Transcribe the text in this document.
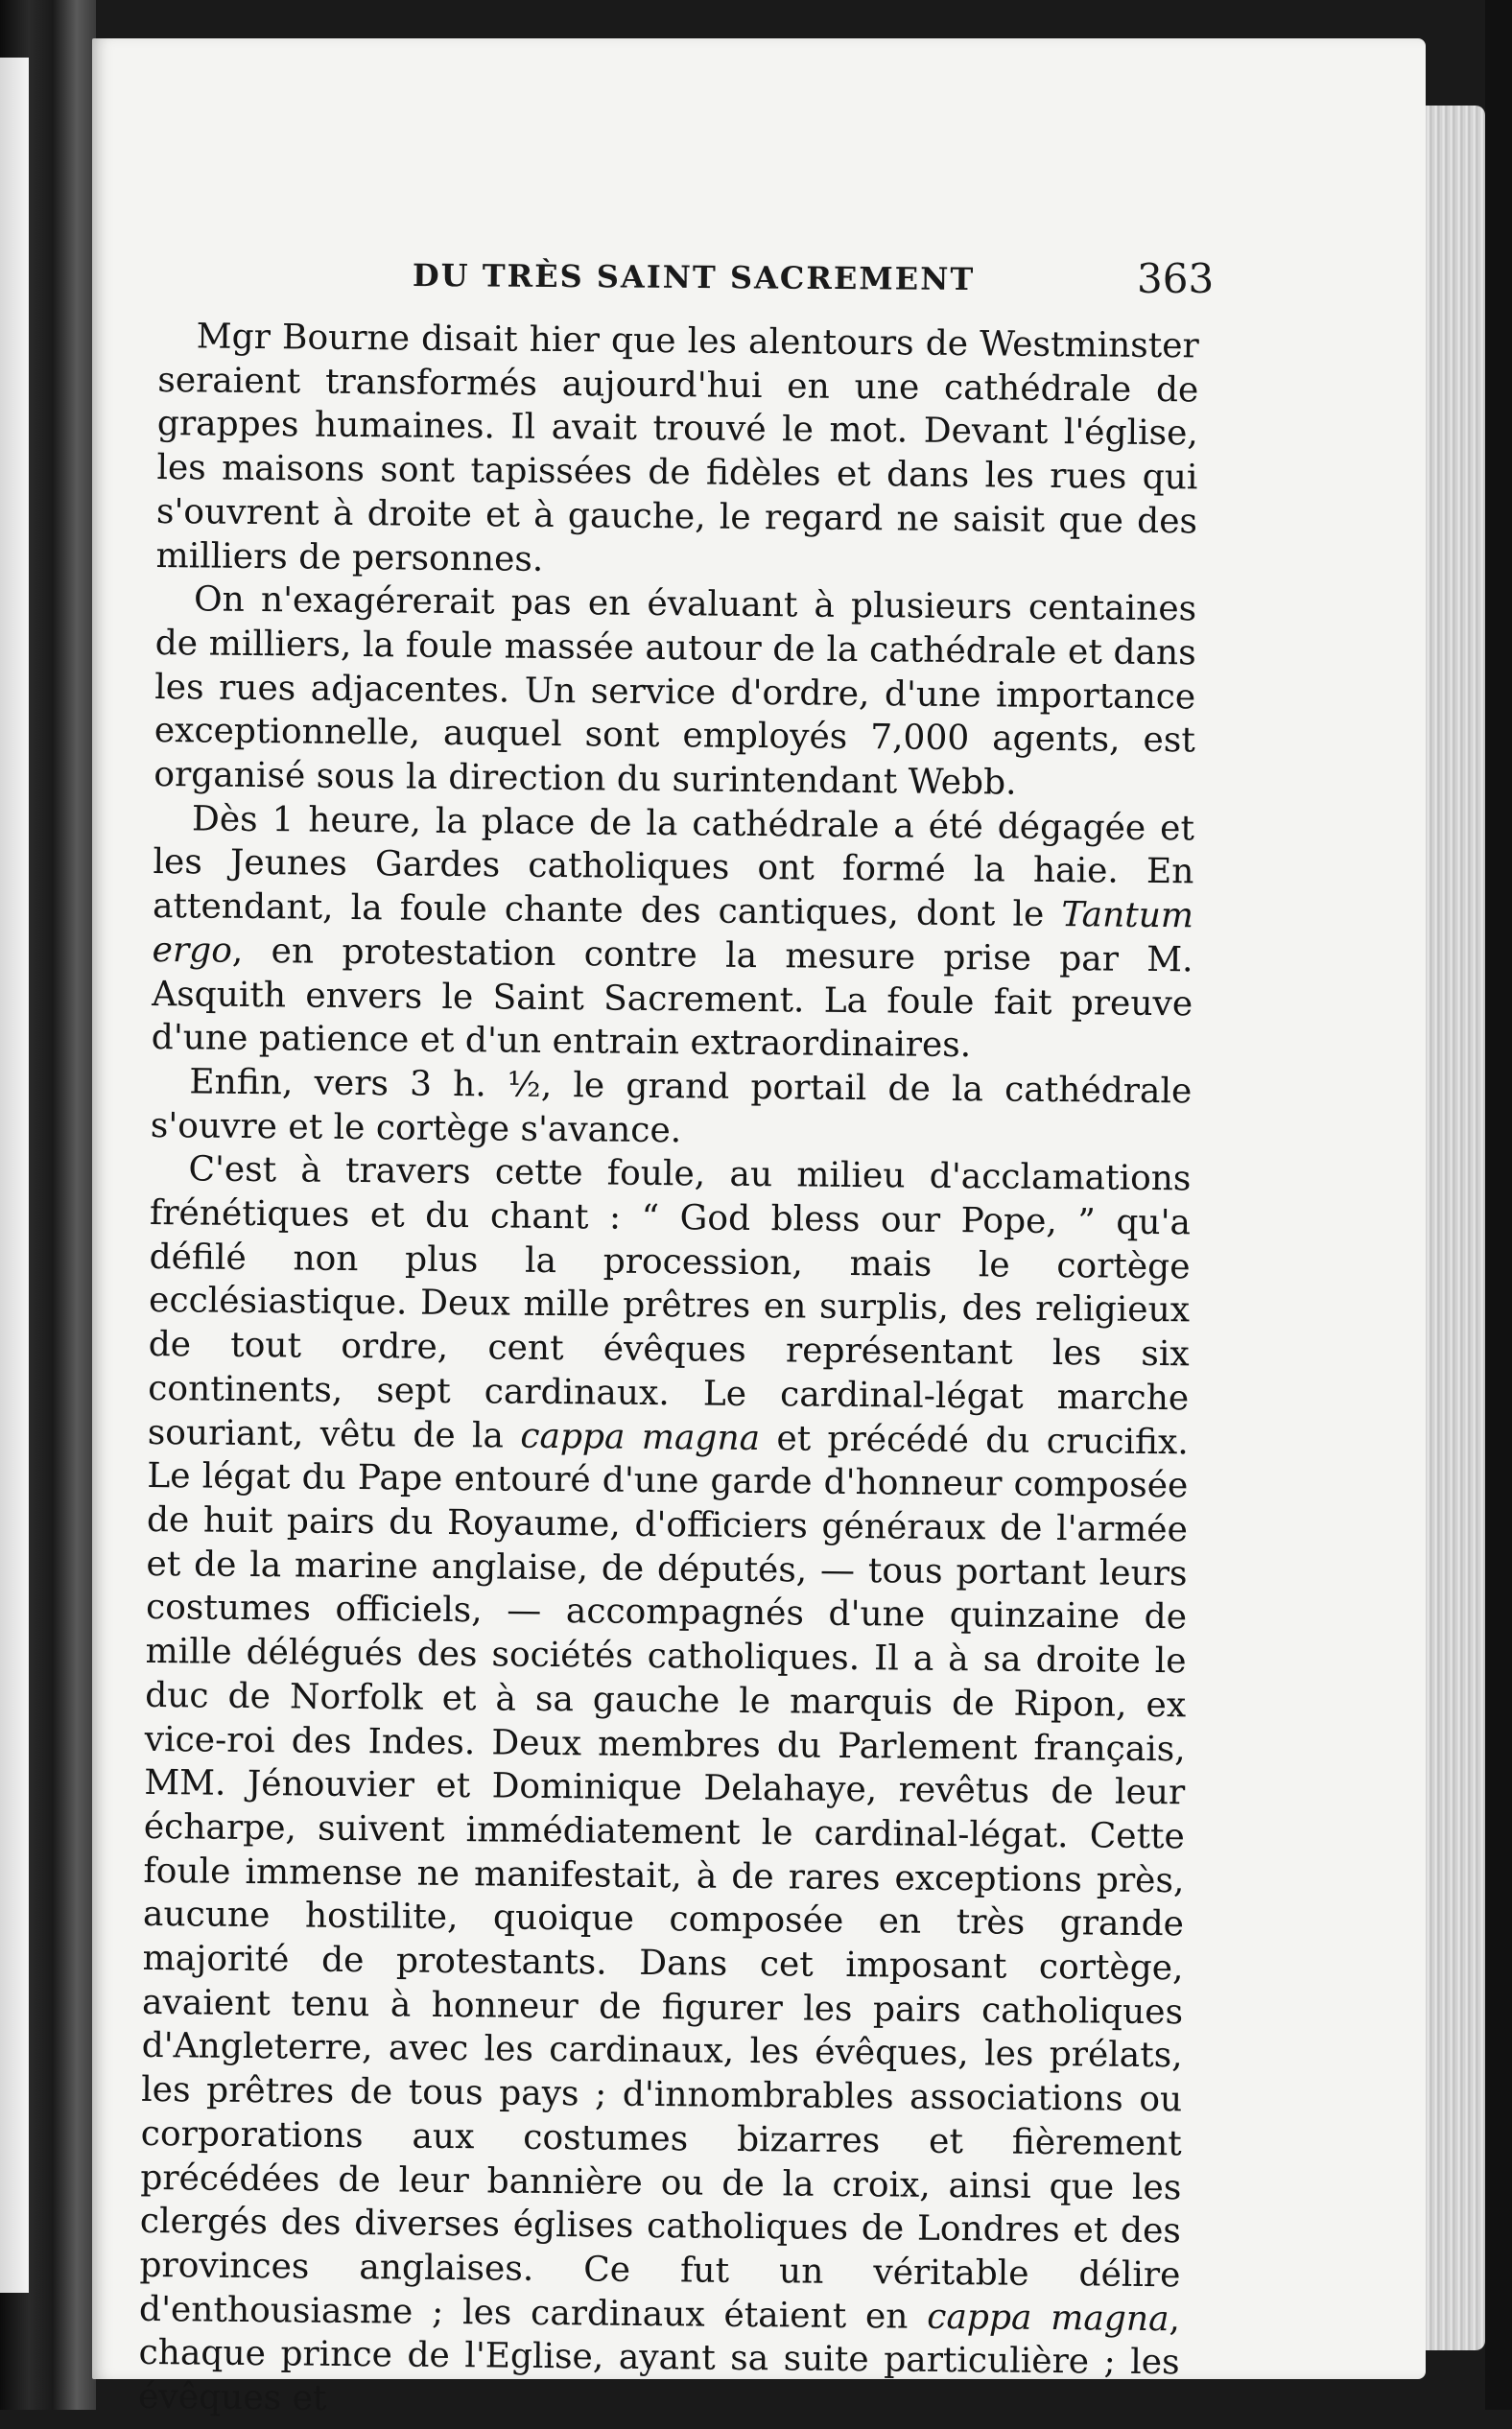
DU TRÈS SAINT SACREMENT	363

Mgr Bourne disait hier que les alentours de Westminster seraient transformés aujourd'hui en une cathédrale de grappes humaines. Il avait trouvé le mot. Devant l'église, les maisons sont tapissées de fidèles et dans les rues qui s'ouvrent à droite et à gauche, le regard ne saisit que des milliers de personnes.

On n'exagérerait pas en évaluant à plusieurs centaines de milliers, la foule massée autour de la cathédrale et dans les rues adjacentes. Un service d'ordre, d'une importance exceptionnelle, auquel sont employés 7,000 agents, est organisé sous la direction du surintendant Webb.

Dès 1 heure, la place de la cathédrale a été dégagée et les Jeunes Gardes catholiques ont formé la haie. En attendant, la foule chante des cantiques, dont le Tantum ergo, en protestation contre la mesure prise par M. Asquith envers le Saint Sacrement. La foule fait preuve d'une patience et d'un entrain extraordinaires.

Enfin, vers 3 h. ½, le grand portail de la cathédrale s'ouvre et le cortège s'avance.

C'est à travers cette foule, au milieu d'acclamations frénétiques et du chant : “ God bless our Pope, ” qu'a défilé non plus la procession, mais le cortège ecclésiastique. Deux mille prêtres en surplis, des religieux de tout ordre, cent évêques représentant les six continents, sept cardinaux. Le cardinal-légat marche souriant, vêtu de la cappa magna et précédé du crucifix. Le légat du Pape entouré d'une garde d'honneur composée de huit pairs du Royaume, d'officiers généraux de l'armée et de la marine anglaise, de députés, — tous portant leurs costumes officiels, — accompagnés d'une quinzaine de mille délégués des sociétés catholiques. Il a à sa droite le duc de Norfolk et à sa gauche le marquis de Ripon, ex vice-roi des Indes. Deux membres du Parlement français, MM. Jénouvier et Dominique Delahaye, revêtus de leur écharpe, suivent immédiatement le cardinal-légat. Cette foule immense ne manifestait, à de rares exceptions près, aucune hostilite, quoique composée en très grande majorité de protestants. Dans cet imposant cortège, avaient tenu à honneur de figurer les pairs catholiques d'Angleterre, avec les cardinaux, les évêques, les prélats, les prêtres de tous pays ; d'innombrables associations ou corporations aux costumes bizarres et fièrement précédées de leur bannière ou de la croix, ainsi que les clergés des diverses églises catholiques de Londres et des provinces anglaises. Ce fut un véritable délire d'enthousiasme ; les cardinaux étaient en cappa magna, chaque prince de l'Eglise, ayant sa suite particulière ; les évêques et
